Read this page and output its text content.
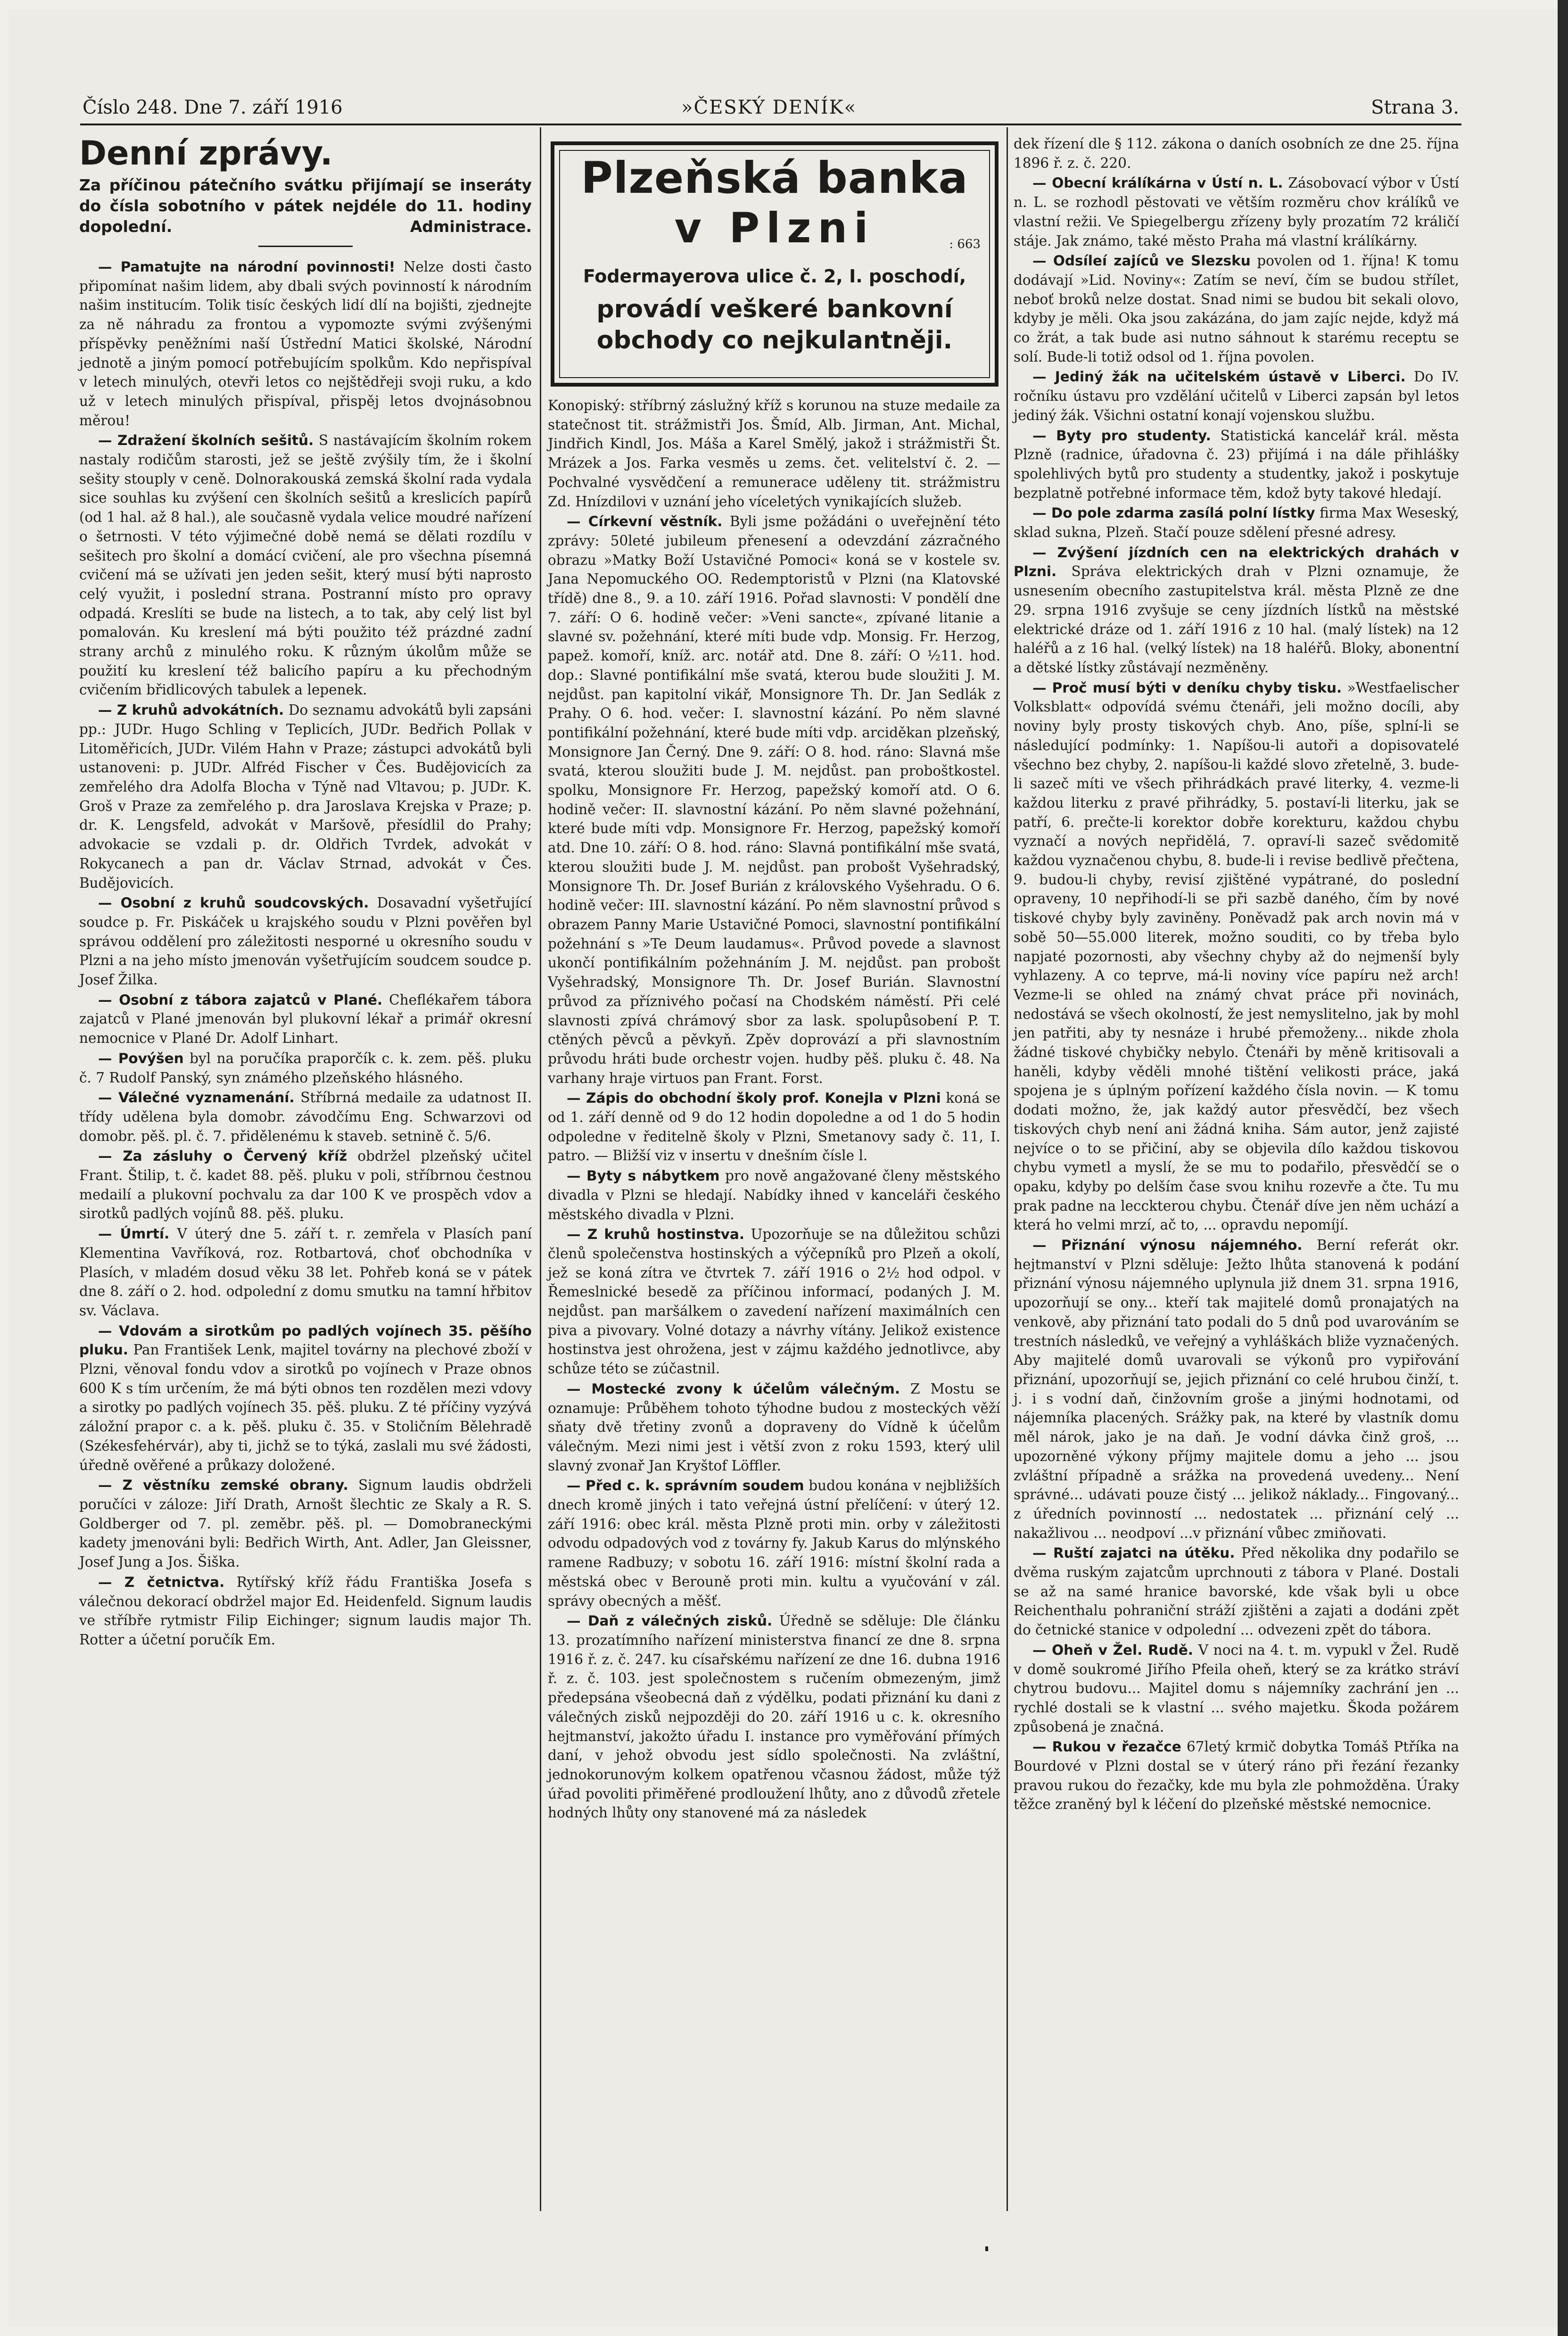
Číslo 248. Dne 7. září 1916	»ČESKÝ DENÍK«	Strana 3.
Denní zprávy.

Za příčinou pátečního svátku přijímají se inseráty do čísla sobotního v pátek nejdéle do 11. hodiny dopolední.	Administrace.

— Pamatujte na národní povinnosti! Nelze dosti často připomínat našim lidem, aby dbali svých povinností k národním našim institucím. Tolik tisíc českých lidí dlí na bojišti, zjednejte za ně náhradu za frontou a vypomozte svými zvýšenými příspěvky peněžními naší Ústřední Matici školské, Národní jednotě a jiným pomocí potřebujícím spolkům. Kdo nepřispíval v letech minulých, otevři letos co nejštědřeji svoji ruku, a kdo už v letech minulých přispíval, přispěj letos dvojnásobnou měrou!

— Zdražení školních sešitů. S nastávajícím školním rokem nastaly rodičům starosti, jež se ještě zvýšily tím, že i školní sešity stouply v ceně. Dolnorakouská zemská školní rada vydala sice souhlas ku zvýšení cen školních sešitů a kreslicích papírů (od 1 hal. až 8 hal.), ale současně vydala velice moudré nařízení o šetrnosti. V této výjimečné době nemá se dělati rozdílu v sešitech pro školní a domácí cvičení, ale pro všechna písemná cvičení má se užívati jen jeden sešit, který musí býti naprosto celý využit, i poslední strana. Postranní místo pro opravy odpadá. Kreslíti se bude na listech, a to tak, aby celý list byl pomalován. Ku kreslení má býti použito též prázdné zadní strany archů z minulého roku. K různým úkolům může se použití ku kreslení též balicího papíru a ku přechodným cvičením břidlicových tabulek a lepenek.

— Z kruhů advokátních. Do seznamu advokátů byli zapsáni pp.: JUDr. Hugo Schling v Teplicích, JUDr. Bedřich Pollak v Litoměřicích, JUDr. Vilém Hahn v Praze; zástupci advokátů byli ustanoveni: p. JUDr. Alfréd Fischer v Čes. Budějovicích za zemřelého dra Adolfa Blocha v Týně nad Vltavou; p. JUDr. K. Groš v Praze za zemřelého p. dra Jaroslava Krejska v Praze; p. dr. K. Lengsfeld, advokát v Maršově, přesídlil do Prahy; advokacie se vzdali p. dr. Oldřich Tvrdek, advokát v Rokycanech a pan dr. Václav Strnad, advokát v Čes. Budějovicích.

— Osobní z kruhů soudcovských. Dosavadní vyšetřující soudce p. Fr. Piskáček u krajského soudu v Plzni pověřen byl správou oddělení pro záležitosti nesporné u okresního soudu v Plzni a na jeho místo jmenován vyšetřujícím soudcem soudce p. Josef Žilka.

— Osobní z tábora zajatců v Plané. Cheflékařem tábora zajatců v Plané jmenován byl plukovní lékař a primář okresní nemocnice v Plané Dr. Adolf Linhart.

— Povýšen byl na poručíka praporčík c. k. zem. pěš. pluku č. 7 Rudolf Panský, syn známého plzeňského hlásného.

— Válečné vyznamenání. Stříbrná medaile za udatnost II. třídy udělena byla domobr. závodčímu Eng. Schwarzovi od domobr. pěš. pl. č. 7. přidělenému k staveb. setnině č. 5/6.

— Za zásluhy o Červený kříž obdržel plzeňský učitel Frant. Štilip, t. č. kadet 88. pěš. pluku v poli, stříbrnou čestnou medailí a plukovní pochvalu za dar 100 K ve prospěch vdov a sirotků padlých vojínů 88. pěš. pluku.

— Úmrtí. V úterý dne 5. září t. r. zemřela v Plasích paní Klementina Vavříková, roz. Rotbartová, choť obchodníka v Plasích, v mladém dosud věku 38 let. Pohřeb koná se v pátek dne 8. září o 2. hod. odpolední z domu smutku na tamní hřbitov sv. Václava.

— Vdovám a sirotkům po padlých vojínech 35. pěšího pluku. Pan František Lenk, majitel továrny na plechové zboží v Plzni, věnoval fondu vdov a sirotků po vojínech v Praze obnos 600 K s tím určením, že má býti obnos ten rozdělen mezi vdovy a sirotky po padlých vojínech 35. pěš. pluku. Z té příčiny vyzývá záložní prapor c. a k. pěš. pluku č. 35. v Stoličním Bělehradě (Székesfehérvár), aby ti, jichž se to týká, zaslali mu své žádosti, úředně ověřené a průkazy doložené.

— Z věstníku zemské obrany. Signum laudis obdrželi poručíci v záloze: Jiří Drath, Arnošt šlechtic ze Skaly a R. S. Goldberger od 7. pl. zeměbr. pěš. pl. — Domobraneckými kadety jmenováni byli: Bedřich Wirth, Ant. Adler, Jan Gleissner, Josef Jung a Jos. Šiška.

— Z četnictva. Rytířský kříž řádu Františka Josefa s válečnou dekorací obdržel major Ed. Heidenfeld. Signum laudis ve stříbře rytmistr Filip Eichinger; signum laudis major Th. Rotter a účetní poručík Em.

Plzeňská banka
v Plzni	: 663
Fodermayerova ulice č. 2, I. poschodí,
provádí veškeré bankovní obchody co nejkulantněji.

Konopiský: stříbrný záslužný kříž s korunou na stuze medaile za statečnost tit. strážmistři Jos. Šmíd, Alb. Jirman, Ant. Michal, Jindřich Kindl, Jos. Máša a Karel Smělý, jakož i strážmistři Št. Mrázek a Jos. Farka vesměs u zems. čet. velitelství č. 2. — Pochvalné vysvědčení a remunerace uděleny tit. strážmistru Zd. Hnízdilovi v uznání jeho víceletých vynikajících služeb.

— Církevní věstník. Byli jsme požádáni o uveřejnění této zprávy: 50leté jubileum přenesení a odevzdání zázračného obrazu »Matky Boží Ustavičné Pomoci« koná se v kostele sv. Jana Nepomuckého OO. Redemptoristů v Plzni (na Klatovské třídě) dne 8., 9. a 10. září 1916. Pořad slavnosti: V pondělí dne 7. září: O 6. hodině večer: »Veni sancte«, zpívané litanie a slavné sv. požehnání, které míti bude vdp. Monsig. Fr. Herzog, papež. komoří, kníž. arc. notář atd. Dne 8. září: O ½11. hod. dop.: Slavné pontifikální mše svatá, kterou bude sloužiti J. M. nejdůst. pan kapitolní vikář, Monsignore Th. Dr. Jan Sedlák z Prahy. O 6. hod. večer: I. slavnostní kázání. Po něm slavné pontifikální požehnání, které bude míti vdp. arciděkan plzeňský, Monsignore Jan Černý. Dne 9. září: O 8. hod. ráno: Slavná mše svatá, kterou sloužiti bude J. M. nejdůst. pan proboštkostel. spolku, Monsignore Fr. Herzog, papežský komoří atd. O 6. hodině večer: II. slavnostní kázání. Po něm slavné požehnání, které bude míti vdp. Monsignore Fr. Herzog, papežský komoří atd. Dne 10. září: O 8. hod. ráno: Slavná pontifikální mše svatá, kterou sloužiti bude J. M. nejdůst. pan probošt Vyšehradský, Monsignore Th. Dr. Josef Burián z královského Vyšehradu. O 6. hodině večer: III. slavnostní kázání. Po něm slavnostní průvod s obrazem Panny Marie Ustavičné Pomoci, slavnostní pontifikální požehnání s »Te Deum laudamus«. Průvod povede a slavnost ukončí pontifikálním požehnáním J. M. nejdůst. pan probošt Vyšehradský, Monsignore Th. Dr. Josef Burián. Slavnostní průvod za příznivého počasí na Chodském náměstí. Při celé slavnosti zpívá chrámový sbor za lask. spolupůsobení P. T. ctěných pěvců a pěvkyň. Zpěv doprovází a při slavnostním průvodu hráti bude orchestr vojen. hudby pěš. pluku č. 48. Na varhany hraje virtuos pan Frant. Forst.

— Zápis do obchodní školy prof. Konejla v Plzni koná se od 1. září denně od 9 do 12 hodin dopoledne a od 1 do 5 hodin odpoledne v ředitelně školy v Plzni, Smetanovy sady č. 11, I. patro. — Bližší viz v insertu v dnešním čísle l.

— Byty s nábytkem pro nově angažované členy městského divadla v Plzni se hledají. Nabídky ihned v kanceláři českého městského divadla v Plzni.

— Z kruhů hostinstva. Upozorňuje se na důležitou schůzi členů společenstva hostinských a výčepníků pro Plzeň a okolí, jež se koná zítra ve čtvrtek 7. září 1916 o 2½ hod odpol. v Řemeslnické besedě za příčinou informací, podaných J. M. nejdůst. pan maršálkem o zavedení nařízení maximálních cen piva a pivovary. Volné dotazy a návrhy vítány. Jelikož existence hostinstva jest ohrožena, jest v zájmu každého jednotlivce, aby schůze této se zúčastnil.

— Mostecké zvony k účelům válečným. Z Mostu se oznamuje: Průběhem tohoto týhodne budou z mosteckých věží sňaty dvě třetiny zvonů a dopraveny do Vídně k účelům válečným. Mezi nimi jest i větší zvon z roku 1593, který ulil slavný zvonař Jan Kryštof Löffler.

— Před c. k. správním soudem budou konána v nejbližších dnech kromě jiných i tato veřejná ústní přelíčení: v úterý 12. září 1916: obec král. města Plzně proti min. orby v záležitosti odvodu odpadových vod z továrny fy. Jakub Karus do mlýnského ramene Radbuzy; v sobotu 16. září 1916: místní školní rada a městská obec v Berouně proti min. kultu a vyučování v zál. správy obecných a měšť.

— Daň z válečných zisků. Úředně se sděluje: Dle článku 13. prozatímního nařízení ministerstva financí ze dne 8. srpna 1916 ř. z. č. 247. ku císařskému nařízení ze dne 16. dubna 1916 ř. z. č. 103. jest společnostem s ručením obmezeným, jimž předepsána všeobecná daň z výdělku, podati přiznání ku dani z válečných zisků nejpozději do 20. září 1916 u c. k. okresního hejtmanství, jakožto úřadu I. instance pro vyměřování přímých daní, v jehož obvodu jest sídlo společnosti. Na zvláštní, jednokorunovým kolkem opatřenou včasnou žádost, může týž úřad povoliti přiměřené prodloužení lhůty, ano z důvodů zřetele hodných lhůty ony stanovené má za následek

dek řízení dle § 112. zákona o daních osobních ze dne 25. října 1896 ř. z. č. 220.

— Obecní králíkárna v Ústí n. L. Zásobovací výbor v Ústí n. L. se rozhodl pěstovati ve větším rozměru chov králíků ve vlastní režii. Ve Spiegelbergu zřízeny byly prozatím 72 králičí stáje. Jak známo, také město Praha má vlastní králíkárny.

— Odsíleí zajíců ve Slezsku povolen od 1. října! K tomu dodávají »Lid. Noviny«: Zatím se neví, čím se budou střílet, neboť broků nelze dostat. Snad nimi se budou bit sekali olovo, kdyby je měli. Oka jsou zakázána, do jam zajíc nejde, když má co žrát, a tak bude asi nutno sáhnout k starému receptu se solí. Bude-li totiž odsol od 1. října povolen.

— Jediný žák na učitelském ústavě v Liberci. Do IV. ročníku ústavu pro vzdělání učitelů v Liberci zapsán byl letos jediný žák. Všichni ostatní konají vojenskou službu.

— Byty pro studenty. Statistická kancelář král. města Plzně (radnice, úřadovna č. 23) přijímá i na dále přihlášky spolehlivých bytů pro studenty a studentky, jakož i poskytuje bezplatně potřebné informace těm, kdož byty takové hledají.

— Do pole zdarma zasílá polní lístky firma Max Weseský, sklad sukna, Plzeň. Stačí pouze sdělení přesné adresy.

— Zvýšení jízdních cen na elektrických drahách v Plzni. Správa elektrických drah v Plzni oznamuje, že usnesením obecního zastupitelstva král. města Plzně ze dne 29. srpna 1916 zvyšuje se ceny jízdních lístků na městské elektrické dráze od 1. září 1916 z 10 hal. (malý lístek) na 12 haléřů a z 16 hal. (velký lístek) na 18 haléřů. Bloky, abonentní a dětské lístky zůstávají nezměněny.

— Proč musí býti v deníku chyby tisku. »Westfaelischer Volksblatt« odpovídá svému čtenáři, jeli možno docíli, aby noviny byly prosty tiskových chyb. Ano, píše, splní-li se následující podmínky: 1. Napíšou-li autoři a dopisovatelé všechno bez chyby, 2. napíšou-li každé slovo zřetelně, 3. bude-li sazeč míti ve všech přihrádkách pravé literky, 4. vezme-li každou literku z pravé přihrádky, 5. postaví-li literku, jak se patří, 6. prečte-li korektor dobře korekturu, každou chybu vyznačí a nových nepřidělá, 7. opraví-li sazeč svědomitě každou vyznačenou chybu, 8. bude-li i revise bedlivě přečtena, 9. budou-li chyby, revisí zjištěné vypátrané, do poslední opraveny, 10 nepřihodí-li se při sazbě daného, čím by nové tiskové chyby byly zaviněny. Poněvadž pak arch novin má v sobě 50—55.000 literek, možno souditi, co by třeba bylo napjaté pozornosti, aby všechny chyby až do nejmenší byly vyhlazeny. A co teprve, má-li noviny více papíru než arch! Vezme-li se ohled na známý chvat práce při novinách, nedostává se všech okolností, že jest nemyslitelno, jak by mohl jen patřiti, aby ty nesnáze i hrubé přemoženy... nikde zhola žádné tiskové chybičky nebylo. Čtenáři by měně kritisovali a haněli, kdyby věděli mnohé tištění velikosti práce, jaká spojena je s úplným pořízení každého čísla novin. — K tomu dodati možno, že, jak každý autor přesvědčí, bez všech tiskových chyb není ani žádná kniha. Sám autor, jenž zajisté nejvíce o to se přičiní, aby se objevila dílo každou tiskovou chybu vymetl a myslí, že se mu to podařilo, přesvědčí se o opaku, kdyby po delším čase svou knihu rozevře a čte. Tu mu prak padne na lecckterou chybu. Čtenář díve jen něm uchází a která ho velmi mrzí, ač to, ... opravdu nepomíjí.

— Přiznání výnosu nájemného. Berní referát okr. hejtmanství v Plzni sděluje: Ježto lhůta stanovená k podání přiznání výnosu nájemného uplynula již dnem 31. srpna 1916, upozorňují se ony... kteří tak majitelé domů pronajatých na venkově, aby přiznání tato podali do 5 dnů pod uvarováním se trestních následků, ve veřejný a vyhláškách bliže vyznačených. Aby majitelé domů uvarovali se výkonů pro vypiřování přiznání, upozorňují se, jejich přiznání co celé hrubou činží, t. j. i s vodní daň, činžovním groše a jinými hodnotami, od nájemníka placených. Srážky pak, na které by vlastník domu měl nárok, jako je na daň. Je vodní dávka činž groš, ... upozorněné výkony příjmy majitele domu a jeho ... jsou zvláštní případně a srážka na provedená uvedeny... Není správné... udávati pouze čistý ... jelikož náklady... Fingovaný... z úředních povinností ... nedostatek ... přiznání celý ... nakažlivou ... neodpoví ...v přiznání vůbec zmiňovati.

— Ruští zajatci na útěku. Před několika dny podařilo se dvěma ruským zajatcům uprchnouti z tábora v Plané. Dostali se až na samé hranice bavorské, kde však byli u obce Reichenthalu pohraniční stráží zjištěni a zajati a dodáni zpět do četnické stanice v odpolední ... odvezeni zpět do tábora.

— Oheň v Žel. Rudě. V noci na 4. t. m. vypukl v Žel. Rudě v domě soukromé Jiřího Pfeila oheň, který se za krátko stráví chytrou budovu... Majitel domu s nájemníky zachrání jen ... rychlé dostali se k vlastní ... svého majetku. Škoda požárem způsobená je značná.

— Rukou v řezačce 67letý krmič dobytka Tomáš Ptříka na Bourdové v Plzni dostal se v úterý ráno při řezání řezanky pravou rukou do řezačky, kde mu byla zle pohmožděna. Úraky těžce zraněný byl k léčení do plzeňské městské nemocnice.
